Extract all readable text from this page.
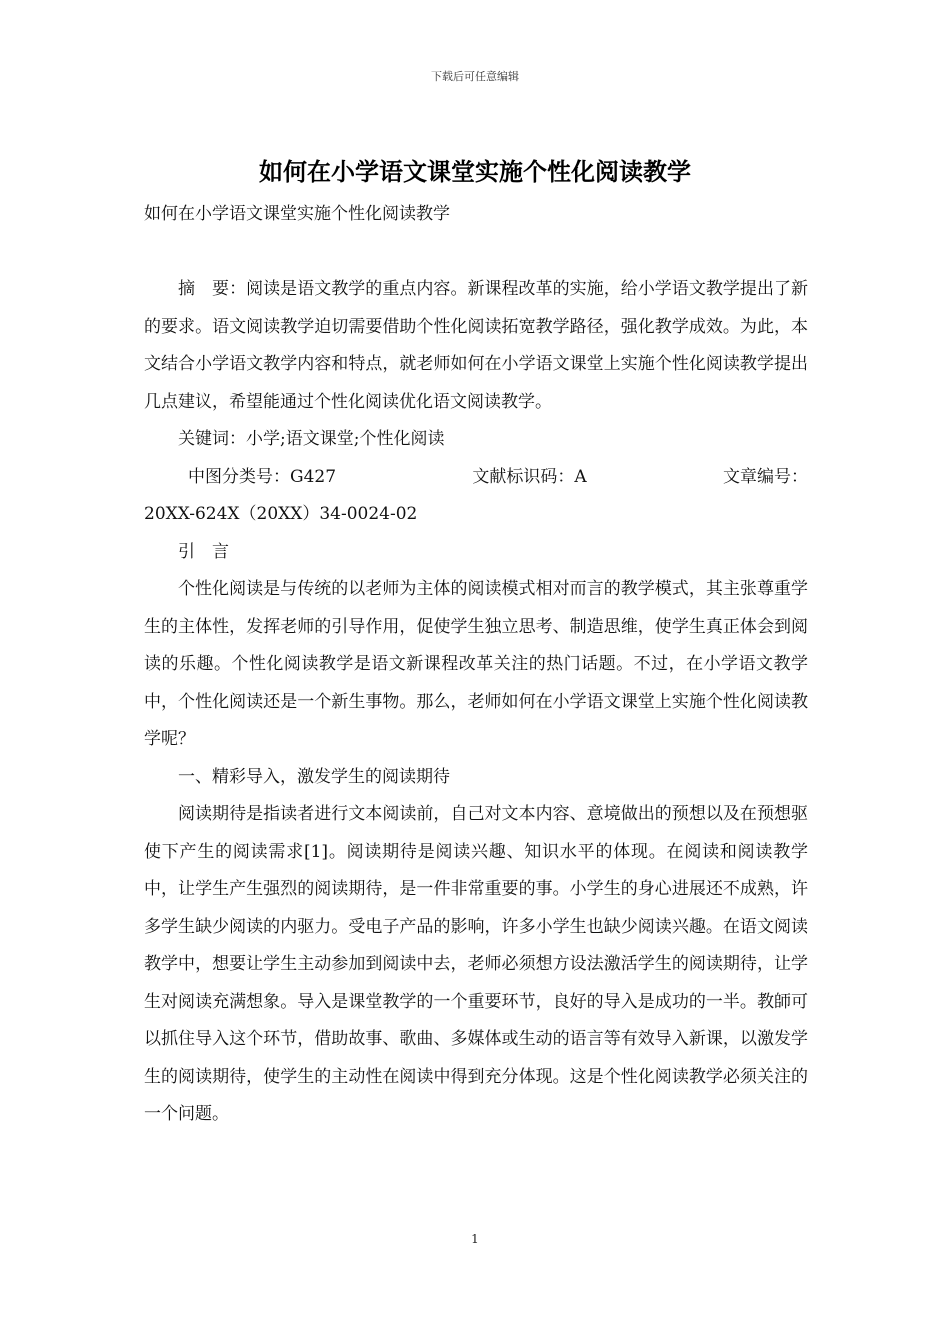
下载后可任意编辑
如何在小学语文课堂实施个性化阅读教学

如何在小学语文课堂实施个性化阅读教学

摘　要：阅读是语文教学的重点内容。新课程改革的实施，给小学语文教学提出了新的要求。语文阅读教学迫切需要借助个性化阅读拓宽教学路径，强化教学成效。为此，本文结合小学语文教学内容和特点，就老师如何在小学语文课堂上实施个性化阅读教学提出几点建议，希望能通过个性化阅读优化语文阅读教学。

关键词：小学;语文课堂;个性化阅读

中图分类号：G427	文献标识码：A	文章编号：

20XX-624X（20XX）34-0024-02

引　言

个性化阅读是与传统的以老师为主体的阅读模式相对而言的教学模式，其主张尊重学生的主体性，发挥老师的引导作用，促使学生独立思考、制造思维，使学生真正体会到阅读的乐趣。个性化阅读教学是语文新课程改革关注的热门话题。不过，在小学语文教学中，个性化阅读还是一个新生事物。那么，老师如何在小学语文课堂上实施个性化阅读教学呢？

一、精彩导入，激发学生的阅读期待

阅读期待是指读者进行文本阅读前，自己对文本内容、意境做出的预想以及在预想驱使下产生的阅读需求[1]。阅读期待是阅读兴趣、知识水平的体现。在阅读和阅读教学中，让学生产生强烈的阅读期待，是一件非常重要的事。小学生的身心进展还不成熟，许多学生缺少阅读的内驱力。受电子产品的影响，许多小学生也缺少阅读兴趣。在语文阅读教学中，想要让学生主动参加到阅读中去，老师必须想方设法激活学生的阅读期待，让学生对阅读充满想象。导入是课堂教学的一个重要环节，良好的导入是成功的一半。教師可以抓住导入这个环节，借助故事、歌曲、多媒体或生动的语言等有效导入新课，以激发学生的阅读期待，使学生的主动性在阅读中得到充分体现。这是个性化阅读教学必须关注的一个问题。

1
